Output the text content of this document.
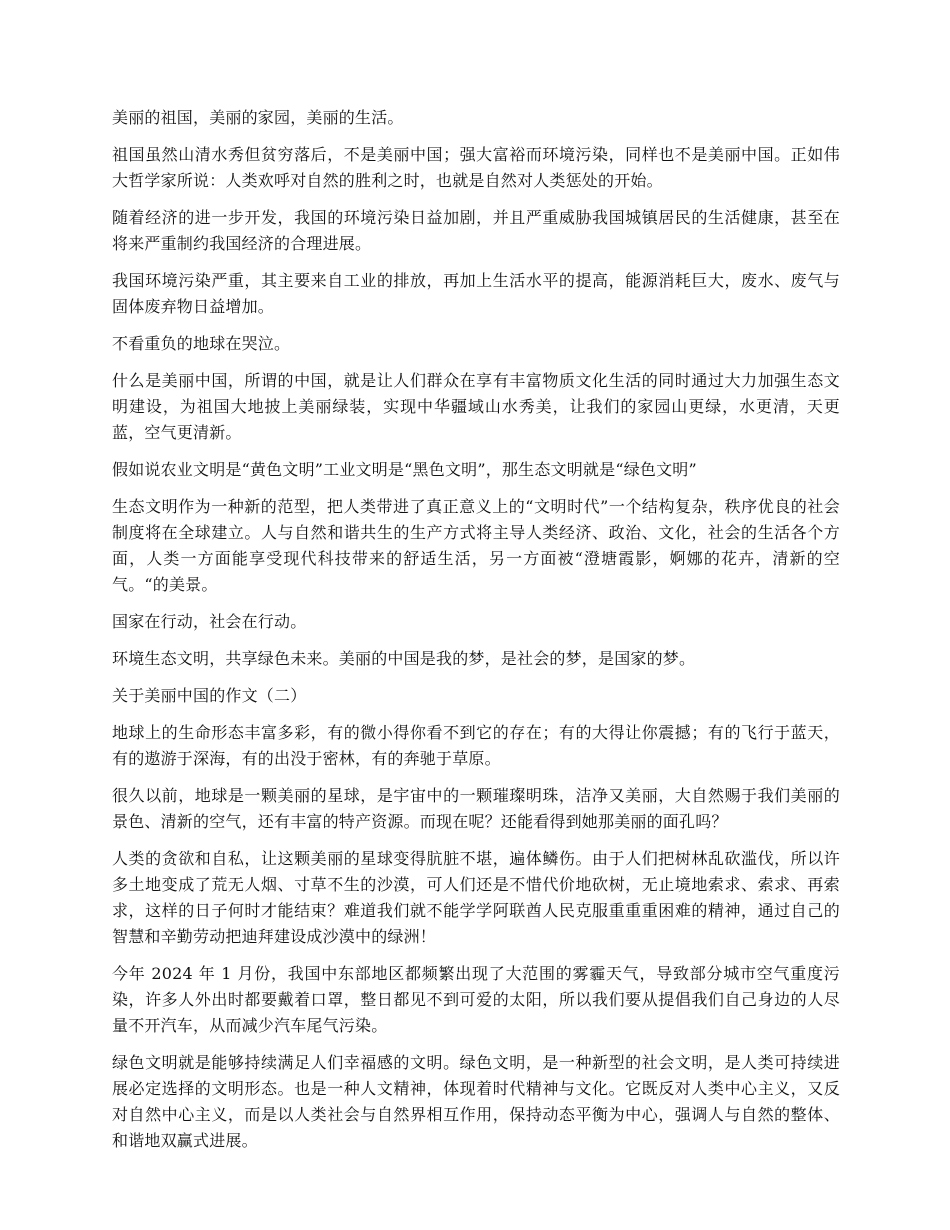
美丽的祖国，美丽的家园，美丽的生活。

祖国虽然山清水秀但贫穷落后，不是美丽中国；强大富裕而环境污染，同样也不是美丽中国。正如伟大哲学家所说：人类欢呼对自然的胜利之时，也就是自然对人类惩处的开始。

随着经济的进一步开发，我国的环境污染日益加剧，并且严重威胁我国城镇居民的生活健康，甚至在将来严重制约我国经济的合理进展。

我国环境污染严重，其主要来自工业的排放，再加上生活水平的提高，能源消耗巨大，废水、废气与固体废弃物日益增加。

不看重负的地球在哭泣。

什么是美丽中国，所谓的中国，就是让人们群众在享有丰富物质文化生活的同时通过大力加强生态文明建设，为祖国大地披上美丽绿装，实现中华疆域山水秀美，让我们的家园山更绿，水更清，天更蓝，空气更清新。

假如说农业文明是“黄色文明”工业文明是“黑色文明”，那生态文明就是“绿色文明”

生态文明作为一种新的范型，把人类带进了真正意义上的“文明时代”一个结构复杂，秩序优良的社会制度将在全球建立。人与自然和谐共生的生产方式将主导人类经济、政治、文化，社会的生活各个方面，人类一方面能享受现代科技带来的舒适生活，另一方面被“澄塘霞影，婀娜的花卉，清新的空气。“的美景。

国家在行动，社会在行动。

环境生态文明，共享绿色未来。美丽的中国是我的梦，是社会的梦，是国家的梦。

关于美丽中国的作文（二）

地球上的生命形态丰富多彩，有的微小得你看不到它的存在；有的大得让你震撼；有的飞行于蓝天，有的遨游于深海，有的出没于密林，有的奔驰于草原。

很久以前，地球是一颗美丽的星球，是宇宙中的一颗璀璨明珠，洁净又美丽，大自然赐于我们美丽的景色、清新的空气，还有丰富的特产资源。而现在呢？还能看得到她那美丽的面孔吗？

人类的贪欲和自私，让这颗美丽的星球变得肮脏不堪，遍体鳞伤。由于人们把树林乱砍滥伐，所以许多土地变成了荒无人烟、寸草不生的沙漠，可人们还是不惜代价地砍树，无止境地索求、索求、再索求，这样的日子何时才能结束？难道我们就不能学学阿联酋人民克服重重重困难的精神，通过自己的智慧和辛勤劳动把迪拜建设成沙漠中的绿洲！

今年 2024 年 1 月份，我国中东部地区都频繁出现了大范围的雾霾天气，导致部分城市空气重度污染，许多人外出时都要戴着口罩，整日都见不到可爱的太阳，所以我们要从提倡我们自己身边的人尽量不开汽车，从而减少汽车尾气污染。

绿色文明就是能够持续满足人们幸福感的文明。绿色文明，是一种新型的社会文明，是人类可持续进展必定选择的文明形态。也是一种人文精神，体现着时代精神与文化。它既反对人类中心主义，又反对自然中心主义，而是以人类社会与自然界相互作用，保持动态平衡为中心，强调人与自然的整体、和谐地双赢式进展。
